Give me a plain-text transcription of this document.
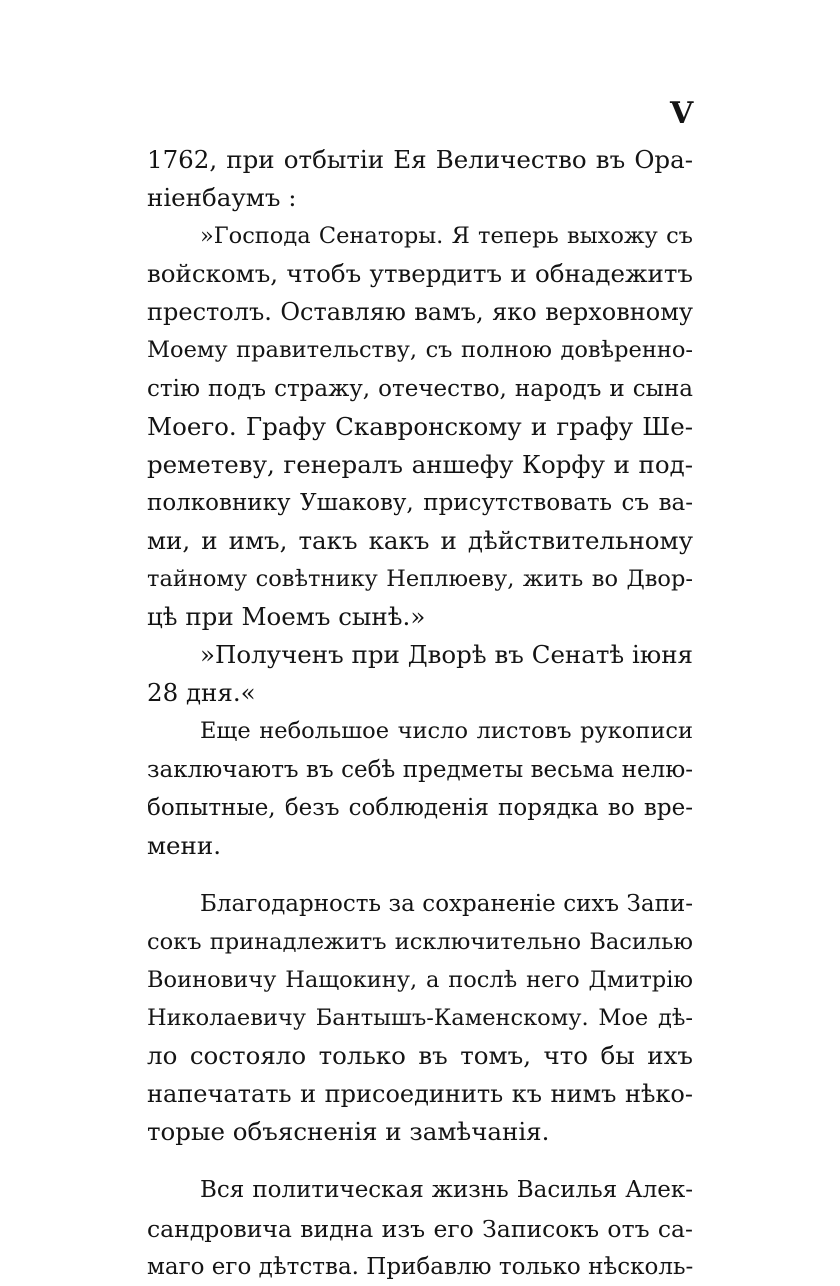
V
1762, при отбытіи Ея Величество въ Ора-
ніенбаумъ :
»Господа Сенаторы. Я теперь выхожу съ
войскомъ, чтобъ утвердитъ и обнадежитъ
престолъ. Оставляю вамъ, яко верховному
Моему правительству, съ полною довѣренно-
стію подъ стражу, отечество, народъ и сына
Моего. Графу Скавронскому и графу Ше-
реметеву, генералъ аншефу Корфу и под-
полковнику Ушакову, присутствовать съ ва-
ми, и имъ, такъ какъ и дѣйствительному
тайному совѣтнику Неплюеву, жить во Двор-
цѣ при Моемъ сынѣ.»
»Полученъ при Дворѣ въ Сенатѣ іюня
28 дня.«
Еще небольшое число листовъ рукописи
заключаютъ въ себѣ предметы весьма нелю-
бопытные, безъ соблюденія порядка во вре-
мени.
Благодарность за сохраненіе сихъ Запи-
сокъ принадлежитъ исключительно Василью
Воиновичу Нащокину, а послѣ него Дмитрію
Николаевичу Бантышъ-Каменскому. Мое дѣ-
ло состояло только въ томъ, что бы ихъ
напечатать и присоединить къ нимъ нѣко-
торые объясненія и замѣчанія.
Вся политическая жизнь Василья Алек-
сандровича видна изъ его Записокъ отъ са-
маго его дѣтства. Прибавлю только нѣсколь-
